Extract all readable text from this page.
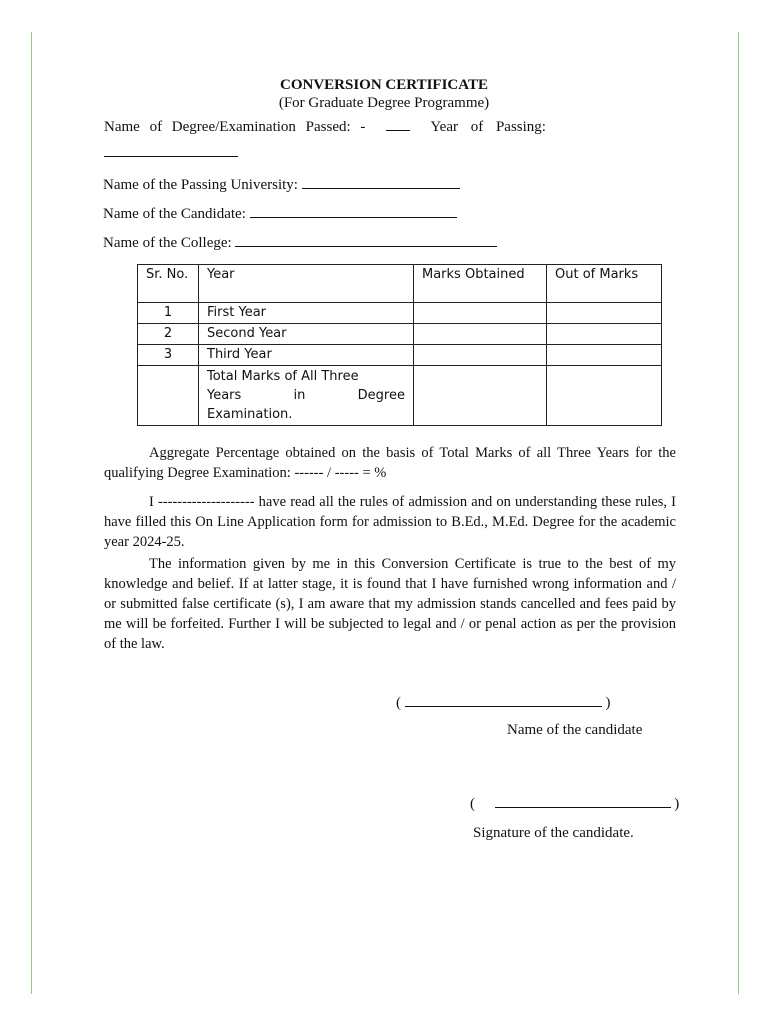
CONVERSION CERTIFICATE
(For Graduate Degree Programme)
Name of Degree/Examination Passed: -	Year of Passing:
Name of the Passing University:
Name of the Candidate:
Name of the College:
Sr. No.	Year	Marks Obtained	Out of Marks
1	First Year		
2	Second Year		
3	Third Year		

	Total Marks of All Three
Years in Degree
Examination.		

Aggregate Percentage obtained on the basis of Total Marks of all Three Years for the qualifying Degree Examination: ------ / ----- = %
I -------------------- have read all the rules of admission and on understanding these rules, I have filled this On Line Application form for admission to B.Ed., M.Ed. Degree for the academic year 2024-25.
The information given by me in this Conversion Certificate is true to the best of my knowledge and belief. If at latter stage, it is found that I have furnished wrong information and / or submitted false certificate (s), I am aware that my admission stands cancelled and fees paid by me will be forfeited. Further I will be subjected to legal and / or penal action as per the provision of the law.
(	)
Name of the candidate
(	)
Signature of the candidate.
